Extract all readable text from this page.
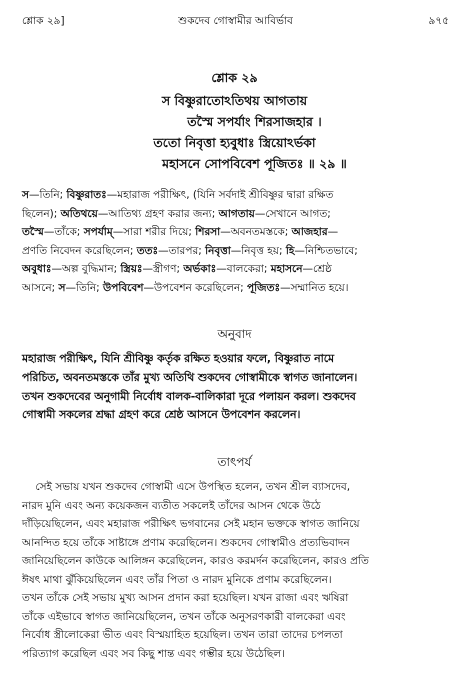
শ্লোক ২৯]	শুকদেব গোস্বামীর আবির্ভাব	৯৭৫
শ্লোক ২৯
স বিষ্ণুরাতোঽতিথয় আগতায়
তস্মৈ সপর্যাং শিরসাজহার ।
ততো নিবৃত্তা হ্যবুধাঃ স্ত্রিয়োঽর্ভকা
মহাসনে সোপবিবেশ পূজিতঃ ॥ ২৯ ॥

স—তিনি; বিষ্ণুরাতঃ—মহারাজ পরীক্ষিৎ, (যিনি সর্বদাই শ্রীবিষ্ণুর দ্বারা রক্ষিত

ছিলেন); অতিথয়ে—আতিথ্য গ্রহণ করার জন্য; আগতায়—সেখানে আগত;

তস্মৈ—তাঁকে; সপর্যাম্—সারা শরীর দিয়ে; শিরসা—অবনতমস্তকে; আজহার—

প্রণতি নিবেদন করেছিলেন; ততঃ—তারপর; নিবৃত্তা—নিবৃত্ত হয়; হি—নিশ্চিতভাবে;

অবুধাঃ—অল্প বুদ্ধিমান; স্ত্রিয়ঃ—স্ত্রীগণ; অর্ভকাঃ—বালকেরা; মহাসনে—শ্রেষ্ঠ

আসনে; স—তিনি; উপবিবেশ—উপবেশন করেছিলেন; পূজিতঃ—সম্মানিত হয়ে।

অনুবাদ

মহারাজ পরীক্ষিৎ, যিনি শ্রীবিষ্ণু কর্তৃক রক্ষিত হওয়ার ফলে, বিষ্ণুরাত নামে

পরিচিত, অবনতমস্তকে তাঁর মুখ্য অতিথি শুকদেব গোস্বামীকে স্বাগত জানালেন।

তখন শুকদেবের অনুগামী নির্বোধ বালক-বালিকারা দূরে পলায়ন করল। শুকদেব

গোস্বামী সকলের শ্রদ্ধা গ্রহণ করে শ্রেষ্ঠ আসনে উপবেশন করলেন।

তাৎপর্য

সেই সভায় যখন শুকদেব গোস্বামী এসে উপস্থিত হলেন, তখন শ্রীল ব্যাসদেব,

নারদ মুনি এবং অন্য কয়েকজন ব্যতীত সকলেই তাঁদের আসন থেকে উঠে

দাঁড়িয়েছিলেন, এবং মহারাজ পরীক্ষিৎ ভগবানের সেই মহান ভক্তকে স্বাগত জানিয়ে

আনন্দিত হয়ে তাঁকে সাষ্টাঙ্গে প্রণাম করেছিলেন। শুকদেব গোস্বামীও প্রত্যভিবাদন

জানিয়েছিলেন কাউকে আলিঙ্গন করেছিলেন, কারও করমর্দন করেছিলেন, কারও প্রতি

ঈষৎ মাথা ঝুঁকিয়েছিলেন এবং তাঁর পিতা ও নারদ মুনিকে প্রণাম করেছিলেন।

তখন তাঁকে সেই সভায় মুখ্য আসন প্রদান করা হয়েছিল। যখন রাজা এবং ঋষিরা

তাঁকে এইভাবে স্বাগত জানিয়েছিলেন, তখন তাঁকে অনুসরণকারী বালকেরা এবং

নির্বোধ স্ত্রীলোকেরা ভীত এবং বিস্ময়াহিত হয়েছিল। তখন তারা তাদের চপলতা

পরিত্যাগ করেছিল এবং সব কিছু শান্ত এবং গম্ভীর হয়ে উঠেছিল।
